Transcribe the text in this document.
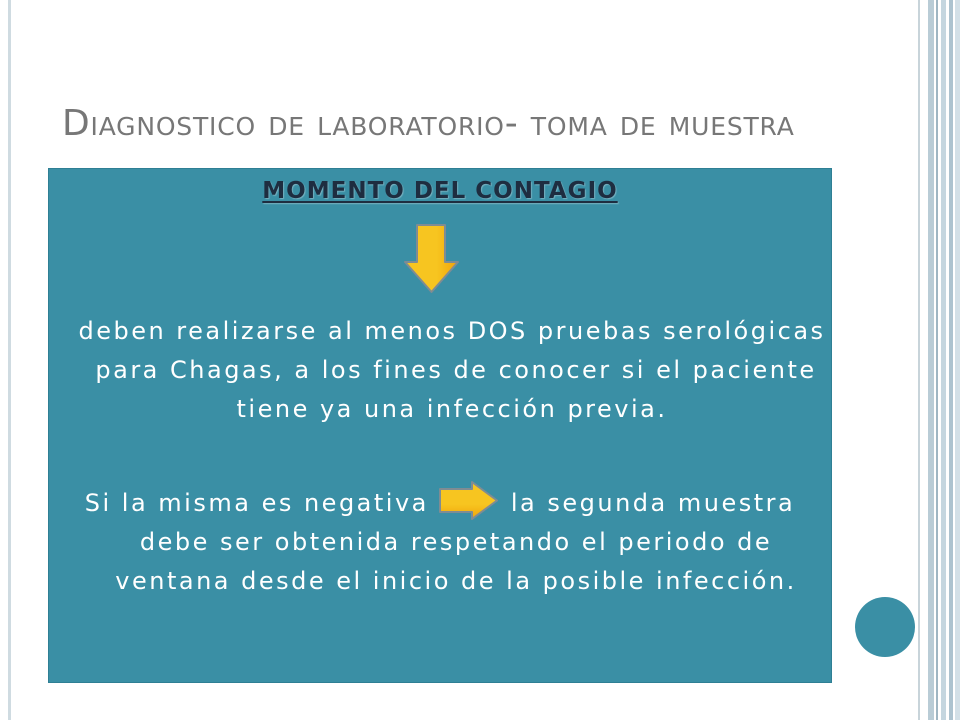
Diagnostico de laboratorio- toma de muestra
MOMENTO DEL CONTAGIO
deben realizarse al menos DOS pruebas serológicas
para Chagas, a los fines de conocer si el paciente
tiene ya una infección previa.
Si la misma es negativa	la segunda muestra
debe ser obtenida respetando el periodo de
ventana desde el inicio de la posible infección.
